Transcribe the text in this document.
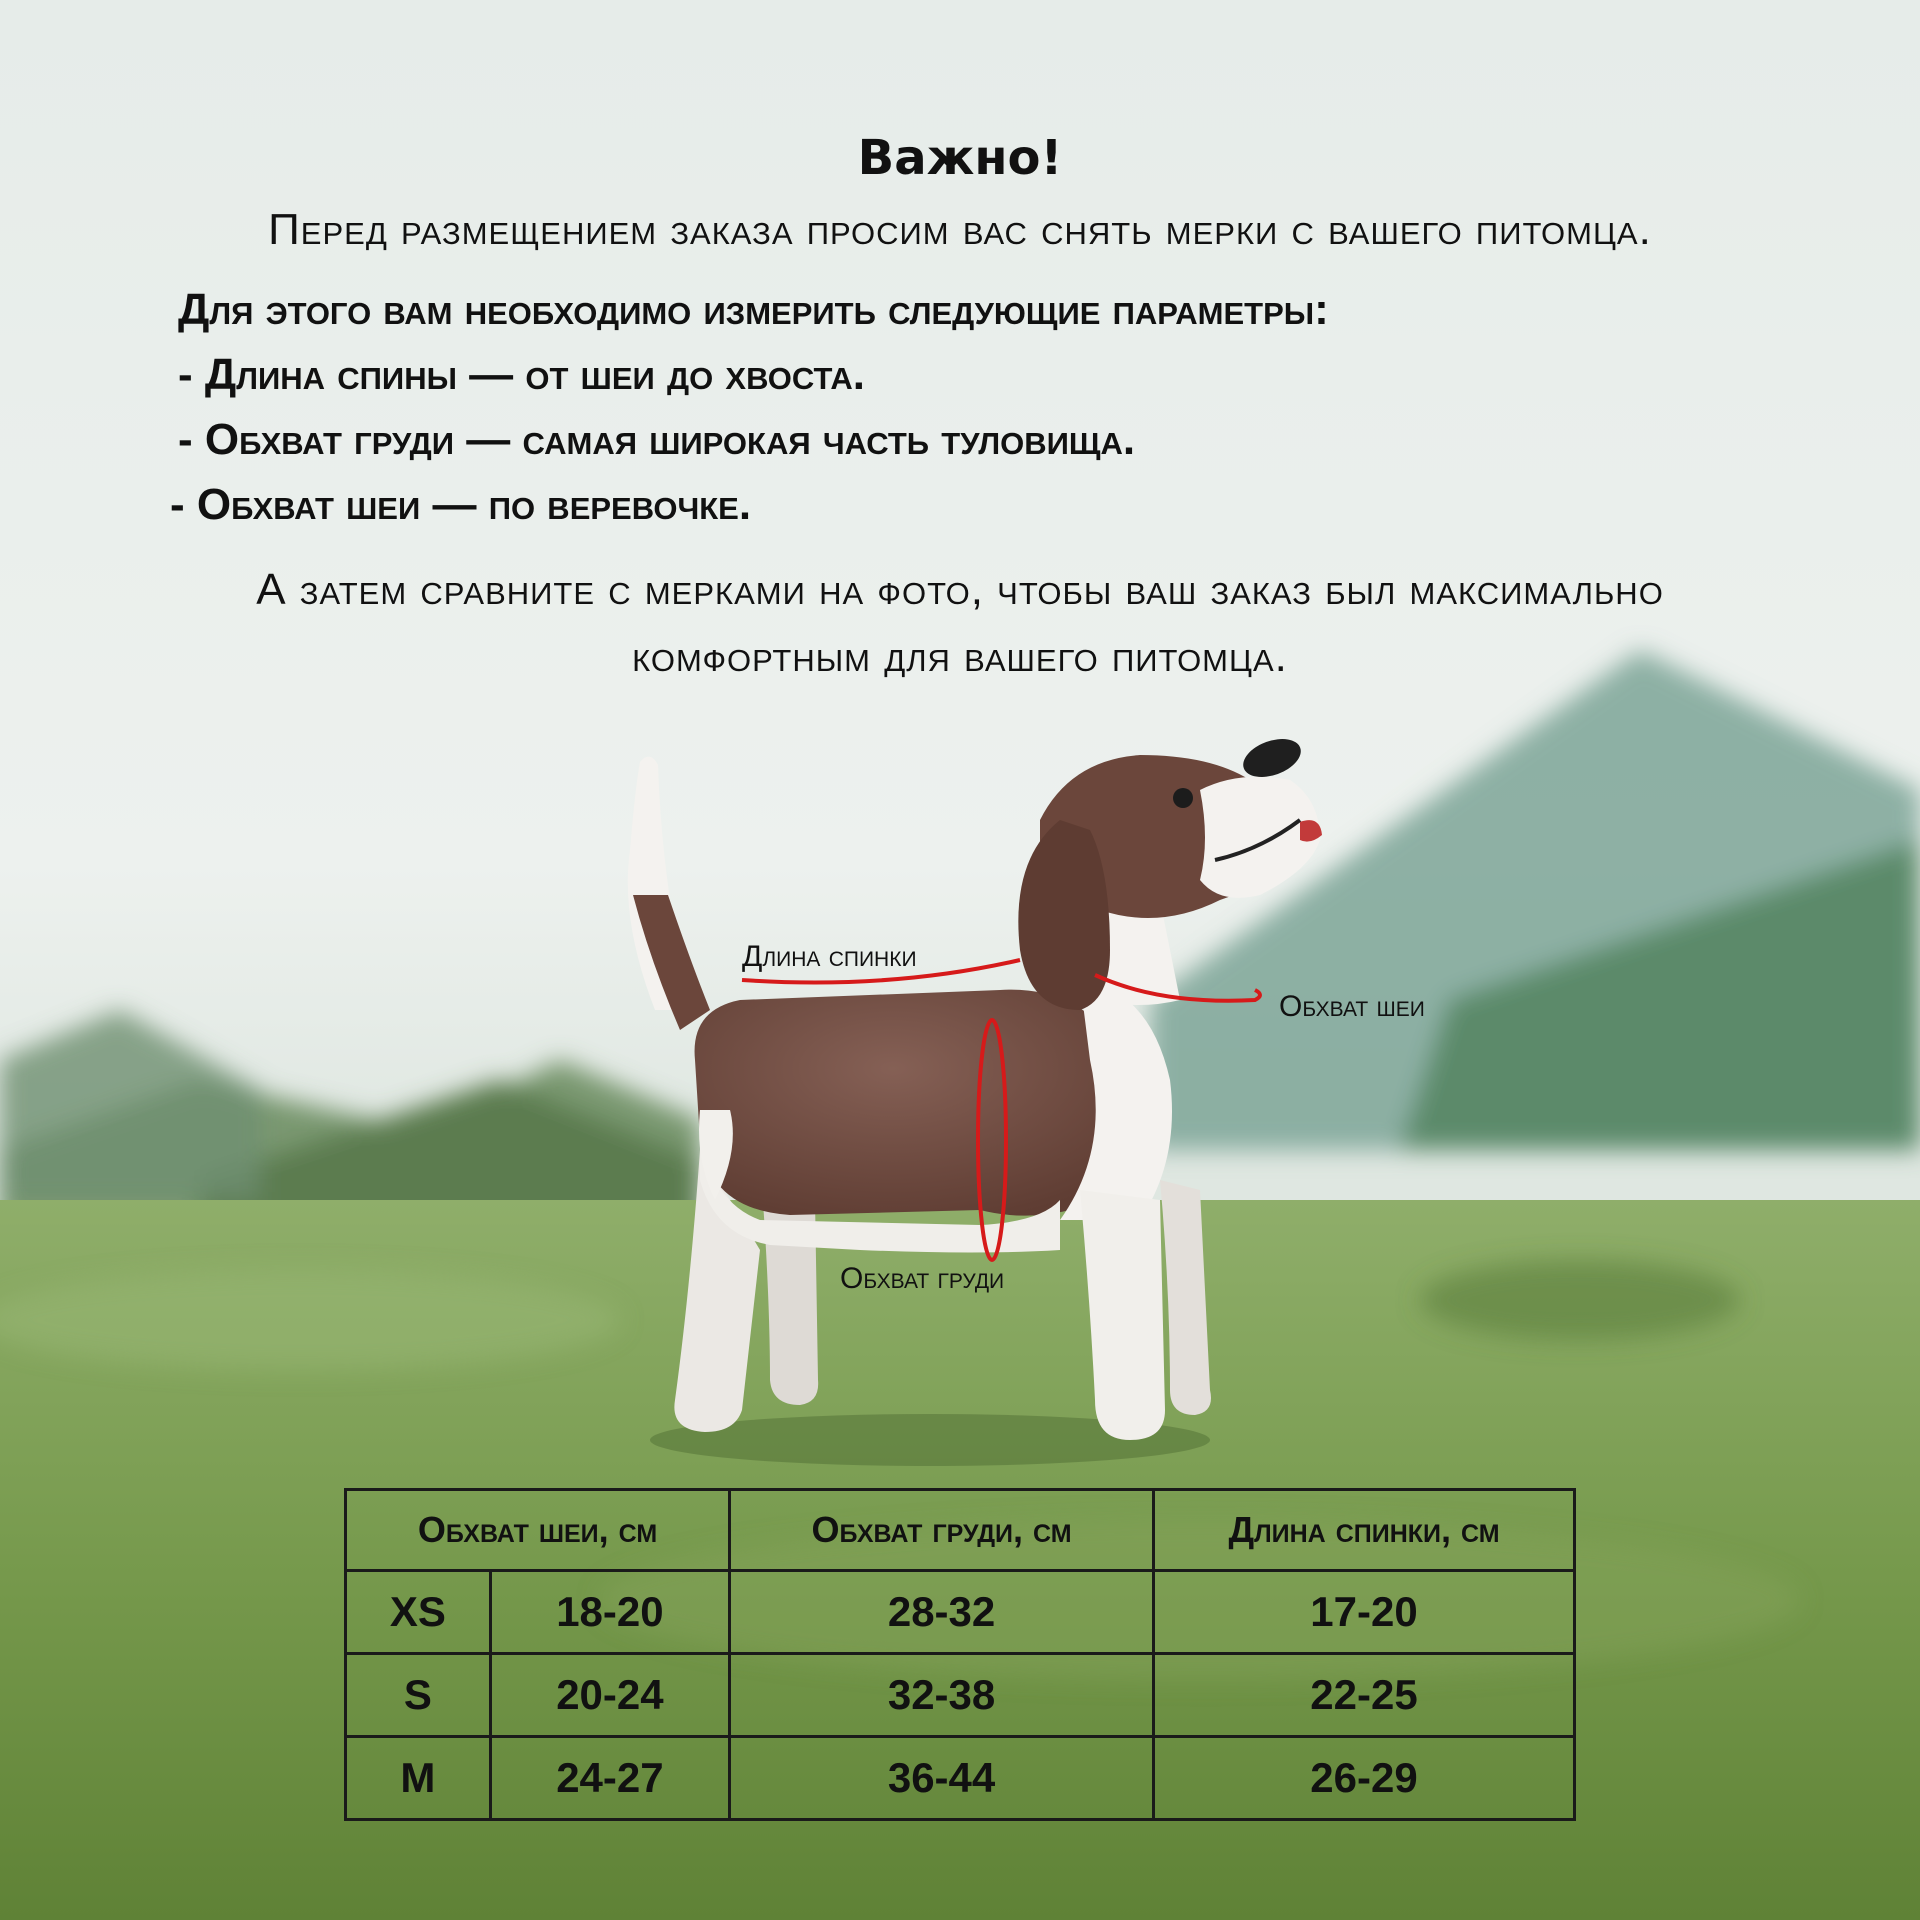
Важно!
Перед размещением заказа просим вас снять мерки с вашего питомца.
Для этого вам необходимо измерить следующие параметры:
- Длина спины — от шеи до хвоста.
- Обхват груди — самая широкая часть туловища.
- Обхват шеи — по веревочке.
А затем сравните с мерками на фото, чтобы ваш заказ был максимально
комфортным для вашего питомца.
Длина спинки
Обхват шеи
Обхват груди
Обхват шеи, см		Обхват груди, см	Длина спинки, см
XS	18-20	28-32	17-20
S	20-24	32-38	22-25
M	24-27	36-44	26-29
